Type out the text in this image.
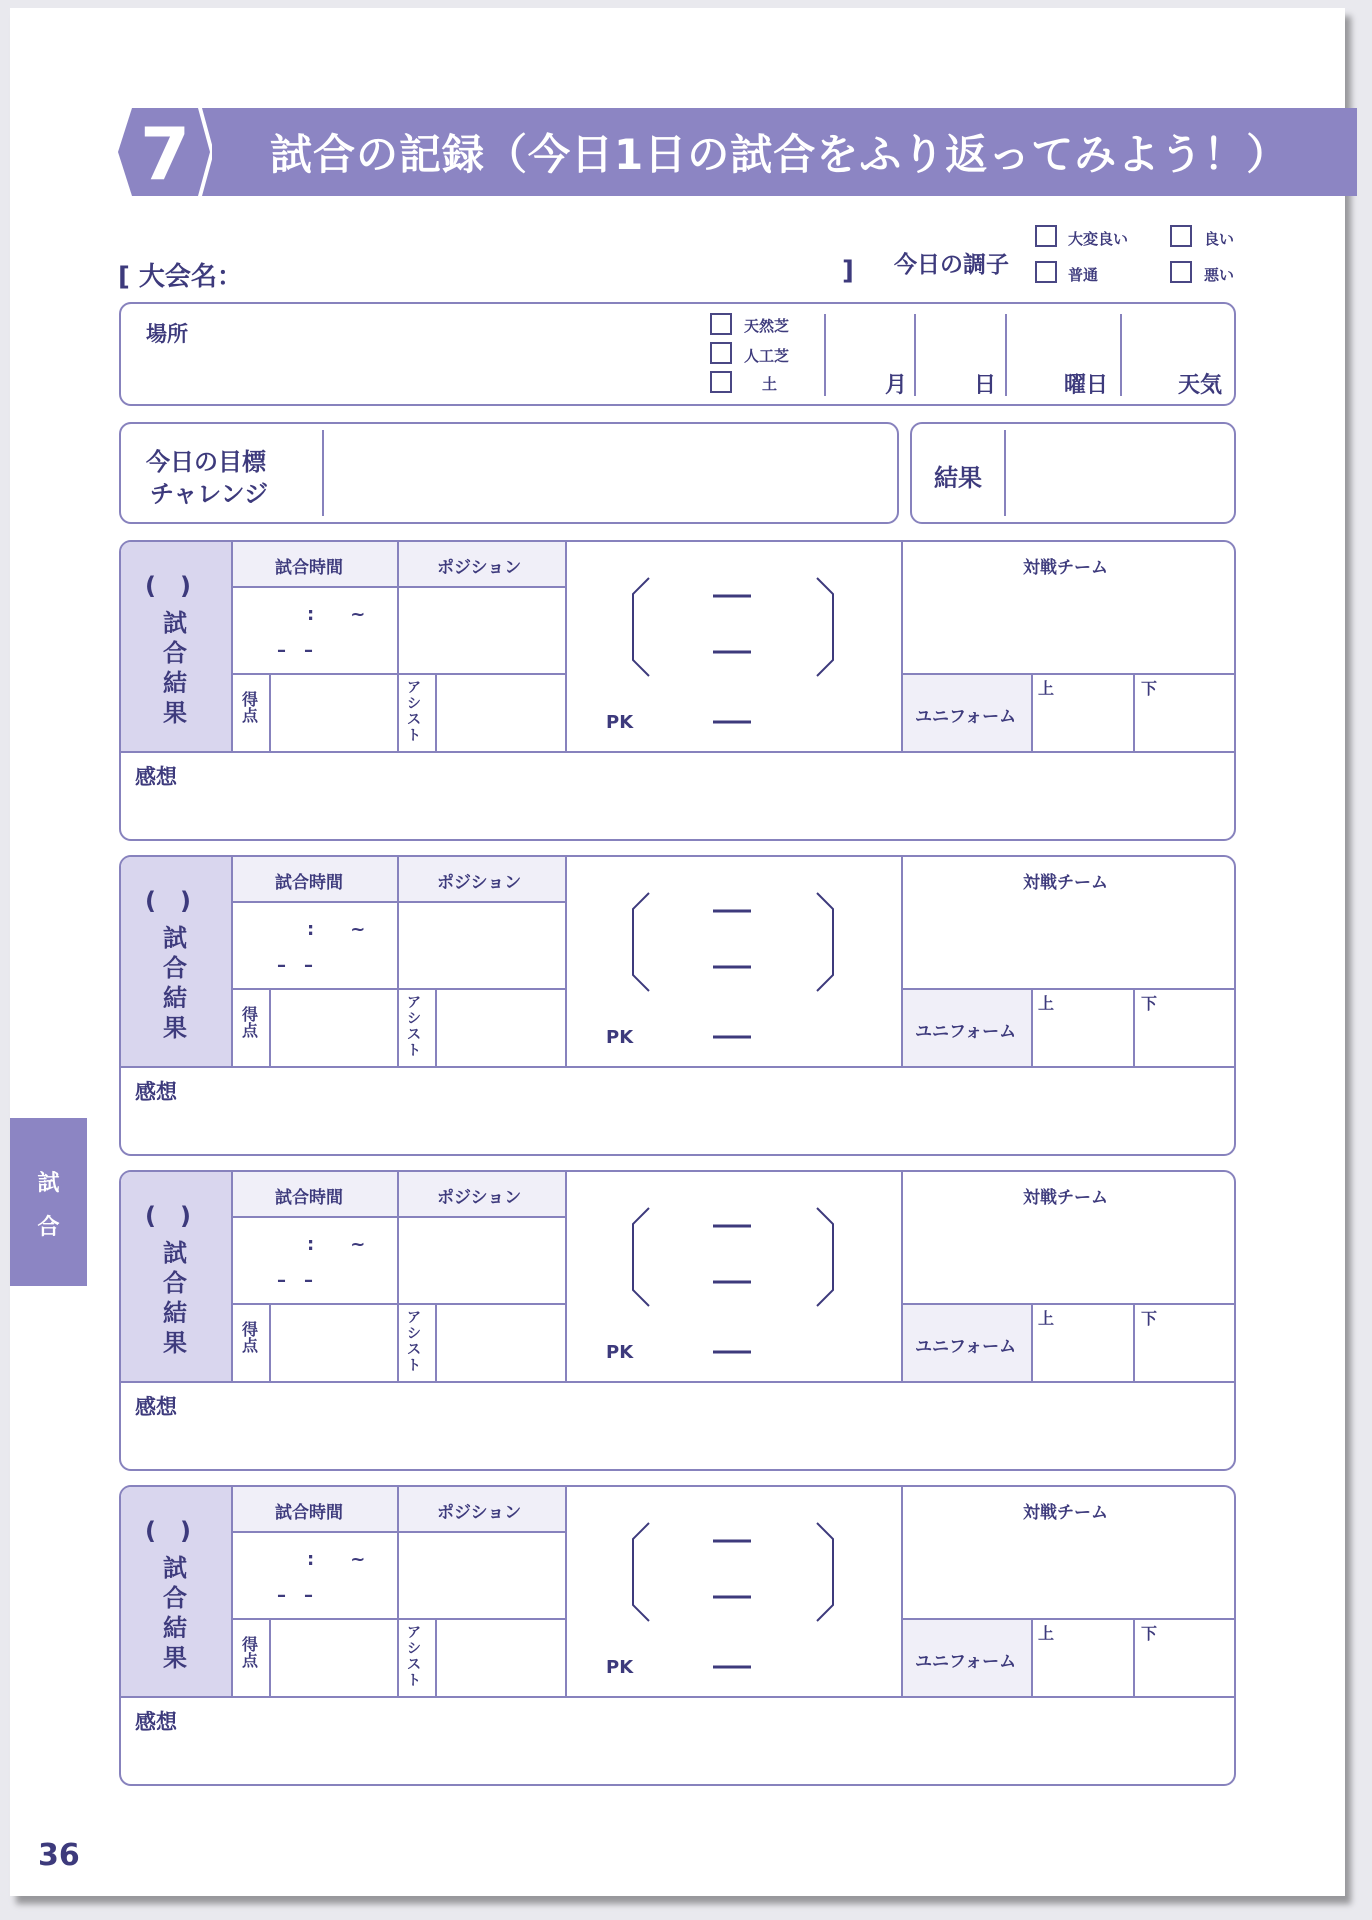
7 試合の記録（今日1日の試合をふり返ってみよう！）
[ 大会名：	] 今日の調子
大変良い	良い
普通	悪い
場所	天然芝
人工芝
土	月	日	曜日	天気
今日の目標
チャレンジ
結果
(　)
試合結果
試合時間	ポジション
:　　~
–　–
得点
アシスト
PK
対戦チーム
ユニフォーム
上	下
感想
(　)
試合結果
試合時間	ポジション
:　　~
–　–
得点
アシスト
PK
対戦チーム
ユニフォーム
上	下
感想
(　)
試合結果
試合時間	ポジション
:　　~
–　–
得点
アシスト
PK
対戦チーム
ユニフォーム
上	下
感想
(　)
試合結果
試合時間	ポジション
:　　~
–　–
得点
アシスト
PK
対戦チーム
ユニフォーム
上	下
感想
試
合
36
